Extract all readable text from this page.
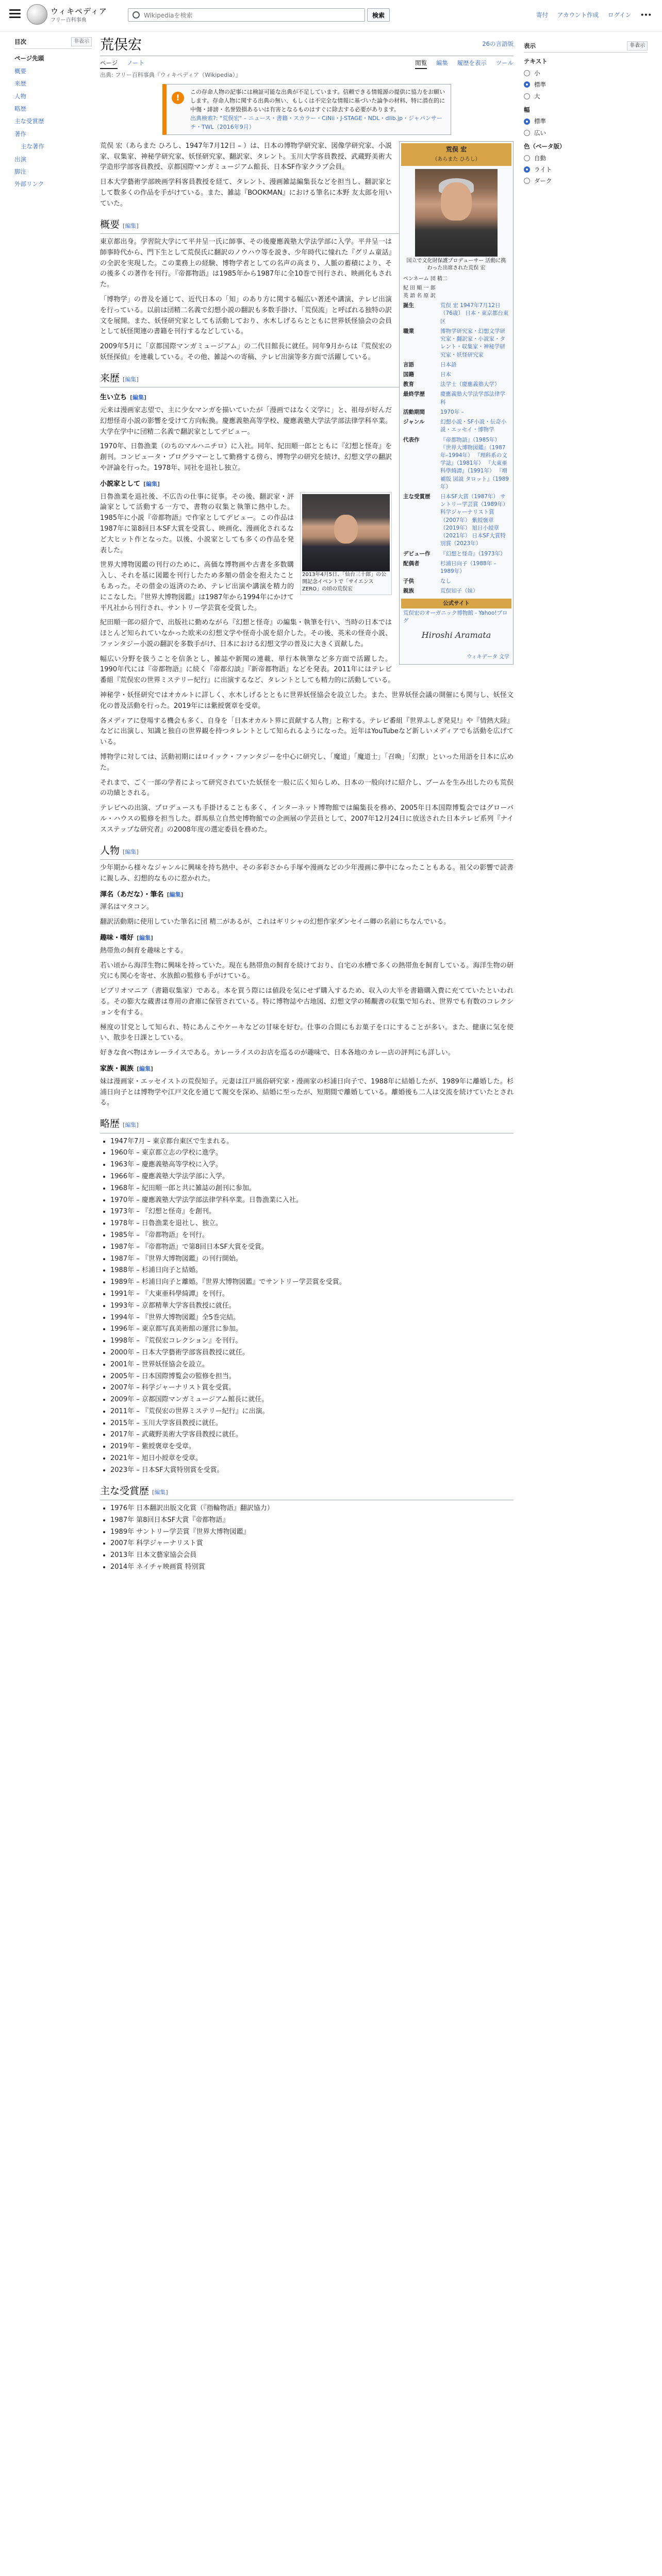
ウィキペディア
フリー百科事典
Wikipediaを検索
検索	寄付 アカウント作成 ログイン •••
目次	非表示
ページ先頭
概要
来歴
人物
略歴
主な受賞歴
著作
主な著作
出演
脚注
外部リンク
荒俣宏	26の言語版
ページ ノート	閲覧 編集 履歴を表示 ツール
出典: フリー百科事典『ウィキペディア（Wikipedia）』
!
この存命人物の記事には検証可能な出典が不足しています。信頼できる情報源の提供に協力をお願いします。存命人物に関する出典の無い、もしくは不完全な情報に基づいた論争の材料、特に潜在的に中傷・誹謗・名誉毀損あるいは有害となるものはすぐに除去する必要があります。
出典検索?: "荒俣宏" – ニュース・書籍・スカラー・CiNii・J-STAGE・NDL・dlib.jp・ジャパンサーチ・TWL（2016年9月）
荒俣 宏
（あらまた ひろし）
国立で文化財保護プロデューサー 活動に携わった出席された荒俣 宏
ペンネーム 団 精二
紀 田 順 一 郎
英 語 名 原 訳
誕生	荒俣 宏 1947年7月12日（76歳） 日本・東京都台東区
職業	博物学研究家・幻想文学研究家・翻訳家・小説家・タレント・収集家・神秘学研究家・妖怪研究家
言語	日本語
国籍	日本
教育	法学士（慶應義塾大学）
最終学歴	慶應義塾大学法学部法律学科
活動期間	1970年 –
ジャンル	幻想小説・SF小説・伝奇小説・エッセイ・博物学
代表作	『帝都物語』（1985年） 『世界大博物図鑑』（1987年–1994年） 『理科系の文学誌』（1981年） 『大東亜科學綺譚』（1991年） 『増補版 図説 タロット』（1989年）
主な受賞歴	日本SF大賞（1987年） サントリー学芸賞（1989年） 科学ジャーナリスト賞（2007年） 紫綬褒章（2019年） 旭日小綬章（2021年） 日本SF大賞特別賞（2023年）
デビュー作	『幻想と怪奇』（1973年）
配偶者	杉浦日向子（1988年 – 1989年）
子供	なし
親族	荒俣知子（妹）
公式サイト
荒俣宏のオーガニック博物館 - Yahoo!ブログ
Hiroshi Aramata
ウィキデータ 文学

荒俣 宏（あらまた ひろし、1947年7月12日 – ）は、日本の博物学研究家、図像学研究家、小説家、収集家、神秘学研究家、妖怪研究家、翻訳家、タレント。玉川大学客員教授、武蔵野美術大学造形学部客員教授、京都国際マンガミュージアム館長、日本SF作家クラブ会員。

日本大学藝術学部映画学科客員教授を経て、タレント、漫画雑誌編集長などを担当し、翻訳家として数多くの作品を手がけている。また、雑誌『BOOKMAN』における筆名に本野 友太郎を用いていた。

概要 [編集]

東京都出身。学習院大学にて平井呈一氏に師事、その後慶應義塾大学法学部に入学。平井呈一は師事時代から、門下生として荒俣氏に翻訳のノウハウ等を説き、少年時代に憧れた『グリム童話』の全訳を実現した。この業務上の経験、博物学者としての名声の高まり、人脈の蓄積により、その後多くの著作を刊行。『帝都物語』は1985年から1987年に全10巻で刊行され、映画化もされた。

「博物学」の普及を通じて、近代日本の「知」のあり方に関する幅広い著述や講演、テレビ出演を行っている。以前は団精二名義で幻想小説の翻訳も多数手掛け、「荒俣流」と呼ばれる独特の訳文を展開。また、妖怪研究家としても活動しており、水木しげるらとともに世界妖怪協会の会員として妖怪関連の書籍を刊行するなどしている。

2009年5月に「京都国際マンガミュージアム」の二代目館長に就任。同年9月からは『荒俣宏の妖怪探偵』を連載している。その他、雑誌への寄稿、テレビ出演等多方面で活躍している。

来歴 [編集]
生い立ち [編集]

元来は漫画家志望で、主に少女マンガを描いていたが「漫画ではなく文学に」と、祖母が好んだ幻想怪奇小説の影響を受けて方向転換。慶應義塾高等学校、慶應義塾大学法学部法律学科卒業。大学在学中に団精二名義で翻訳家としてデビュー。

1970年、日魯漁業（のちのマルハニチロ）に入社。同年、紀田順一郎とともに『幻想と怪奇』を創刊。コンピュータ・プログラマーとして勤務する傍ら、博物学の研究を続け、幻想文学の翻訳や評論を行った。1978年、同社を退社し独立。

小説家として [編集]
2013年4月5日、「仙台三十郎」の公開記念イベントで「サイエンスZERO」の頃の荒俣宏

日魯漁業を退社後、不広告の仕事に従事。その後、翻訳家・評論家として活動する一方で、書物の収集と執筆に熱中した。1985年に小説『帝都物語』で作家としてデビュー。この作品は1987年に第8回日本SF大賞を受賞し、映画化、漫画化されるなど大ヒット作となった。以後、小説家としても多くの作品を発表した。

世界大博物図鑑の刊行のために、高価な博物画や古書を多数購入し、それを基に図鑑を刊行したため多額の借金を抱えたこともあった。その借金の返済のため、テレビ出演や講演を精力的にこなした。『世界大博物図鑑』は1987年から1994年にかけて平凡社から刊行され、サントリー学芸賞を受賞した。

紀田順一郎の紹介で、出版社に勤めながら『幻想と怪奇』の編集・執筆を行い、当時の日本ではほとんど知られていなかった欧米の幻想文学や怪奇小説を紹介した。その後、英米の怪奇小説、ファンタジー小説の翻訳を多数手がけ、日本における幻想文学の普及に大きく貢献した。

幅広い分野を扱うことを信条とし、雑誌や新聞の連載、単行本執筆など多方面で活躍した。1990年代には『帝都物語』に続く『帝都幻談』『新帝都物語』などを発表。2011年にはテレビ番組『荒俣宏の世界ミステリー紀行』に出演するなど、タレントとしても精力的に活動している。

神秘学・妖怪研究ではオカルトに詳しく、水木しげるとともに世界妖怪協会を設立した。また、世界妖怪会議の開催にも関与し、妖怪文化の普及活動を行った。2019年には紫綬褒章を受章。

各メディアに登場する機会も多く、自身を「日本オカルト界に貢献する人物」と称する。テレビ番組『世界ふしぎ発見!』や『情熱大陸』などに出演し、知識と独自の世界観を持つタレントとして知られるようになった。近年はYouTubeなど新しいメディアでも活動を広げている。

博物学に対しては、活動初期にはロイック・ファンタジーを中心に研究し、「魔道」「魔道士」「召喚」「幻獣」といった用語を日本に広めた。

それまで、ごく一部の学者によって研究されていた妖怪を一般に広く知らしめ、日本の一般向けに紹介し、ブームを生み出したのも荒俣の功績とされる。

テレビへの出演、プロデュースも手掛けることも多く、インターネット博物館では編集長を務め、2005年日本国際博覧会ではグローバル・ハウスの監修を担当した。群馬県立自然史博物館での企画展の学芸員として、2007年12月24日に放送された日本テレビ系列『ナイスステップな研究者』の2008年度の選定委員を務めた。

人物 [編集]

少年期から様々なジャンルに興味を持ち熱中、その多彩さから手塚や漫画などの少年漫画に夢中になったこともある。祖父の影響で読書に親しみ、幻想的なものに惹かれた。

渾名（あだな）・筆名 [編集]

渾名はマタコン。

翻訳活動期に使用していた筆名に団 精二があるが、これはギリシャの幻想作家ダンセイニ卿の名前にちなんでいる。

趣味・嗜好 [編集]

熱帯魚の飼育を趣味とする。

若い頃から海洋生物に興味を持っていた。現在も熱帯魚の飼育を続けており、自宅の水槽で多くの熱帯魚を飼育している。海洋生物の研究にも関心を寄せ、水族館の監修も手がけている。

ビブリオマニア（書籍収集家）である。本を買う際には値段を気にせず購入するため、収入の大半を書籍購入費に充てていたといわれる。その膨大な蔵書は専用の倉庫に保管されている。特に博物誌や古地図、幻想文学の稀覯書の収集で知られ、世界でも有数のコレクションを有する。

極度の甘党として知られ、特にあんこやケーキなどの甘味を好む。仕事の合間にもお菓子を口にすることが多い。また、健康に気を使い、散歩を日課としている。

好きな食べ物はカレーライスである。カレーライスのお店を巡るのが趣味で、日本各地のカレー店の評判にも詳しい。

家族・親族 [編集]

妹は漫画家・エッセイストの荒俣知子。元妻は江戸風俗研究家・漫画家の杉浦日向子で、1988年に結婚したが、1989年に離婚した。杉浦日向子とは博物学や江戸文化を通じて親交を深め、結婚に至ったが、短期間で離婚している。離婚後も二人は交流を続けていたとされる。

略歴 [編集]
• 1947年7月 – 東京都台東区で生まれる。
• 1960年 – 東京都立志の学校に進学。
• 1963年 – 慶應義塾高等学校に入学。
• 1966年 – 慶應義塾大学法学部に入学。
• 1968年 – 紀田順一郎と共に雑誌の創刊に参加。
• 1970年 – 慶應義塾大学法学部法律学科卒業。日魯漁業に入社。
• 1973年 – 『幻想と怪奇』を創刊。
• 1978年 – 日魯漁業を退社し、独立。
• 1985年 – 『帝都物語』を刊行。
• 1987年 – 『帝都物語』で第8回日本SF大賞を受賞。
• 1987年 – 『世界大博物図鑑』の刊行開始。
• 1988年 – 杉浦日向子と結婚。
• 1989年 – 杉浦日向子と離婚。『世界大博物図鑑』でサントリー学芸賞を受賞。
• 1991年 – 『大東亜科學綺譚』を刊行。
• 1993年 – 京都精華大学客員教授に就任。
• 1994年 – 『世界大博物図鑑』全5巻完結。
• 1996年 – 東京都写真美術館の運営に参加。
• 1998年 – 『荒俣宏コレクション』を刊行。
• 2000年 – 日本大学藝術学部客員教授に就任。
• 2001年 – 世界妖怪協会を設立。
• 2005年 – 日本国際博覧会の監修を担当。
• 2007年 – 科学ジャーナリスト賞を受賞。
• 2009年 – 京都国際マンガミュージアム館長に就任。
• 2011年 – 『荒俣宏の世界ミステリー紀行』に出演。
• 2015年 – 玉川大学客員教授に就任。
• 2017年 – 武蔵野美術大学客員教授に就任。
• 2019年 – 紫綬褒章を受章。
• 2021年 – 旭日小綬章を受章。
• 2023年 – 日本SF大賞特別賞を受賞。
主な受賞歴 [編集]
• 1976年 日本翻訳出版文化賞（『指輪物語』翻訳協力）
• 1987年 第8回日本SF大賞『帝都物語』
• 1989年 サントリー学芸賞『世界大博物図鑑』
• 2007年 科学ジャーナリスト賞
• 2013年 日本文藝家協会会員
• 2014年 ネイチャ映画賞 特別賞
表示	非表示
テキスト
小
標準
大
幅
標準
広い
色（ベータ版）
自動
ライト
ダーク
